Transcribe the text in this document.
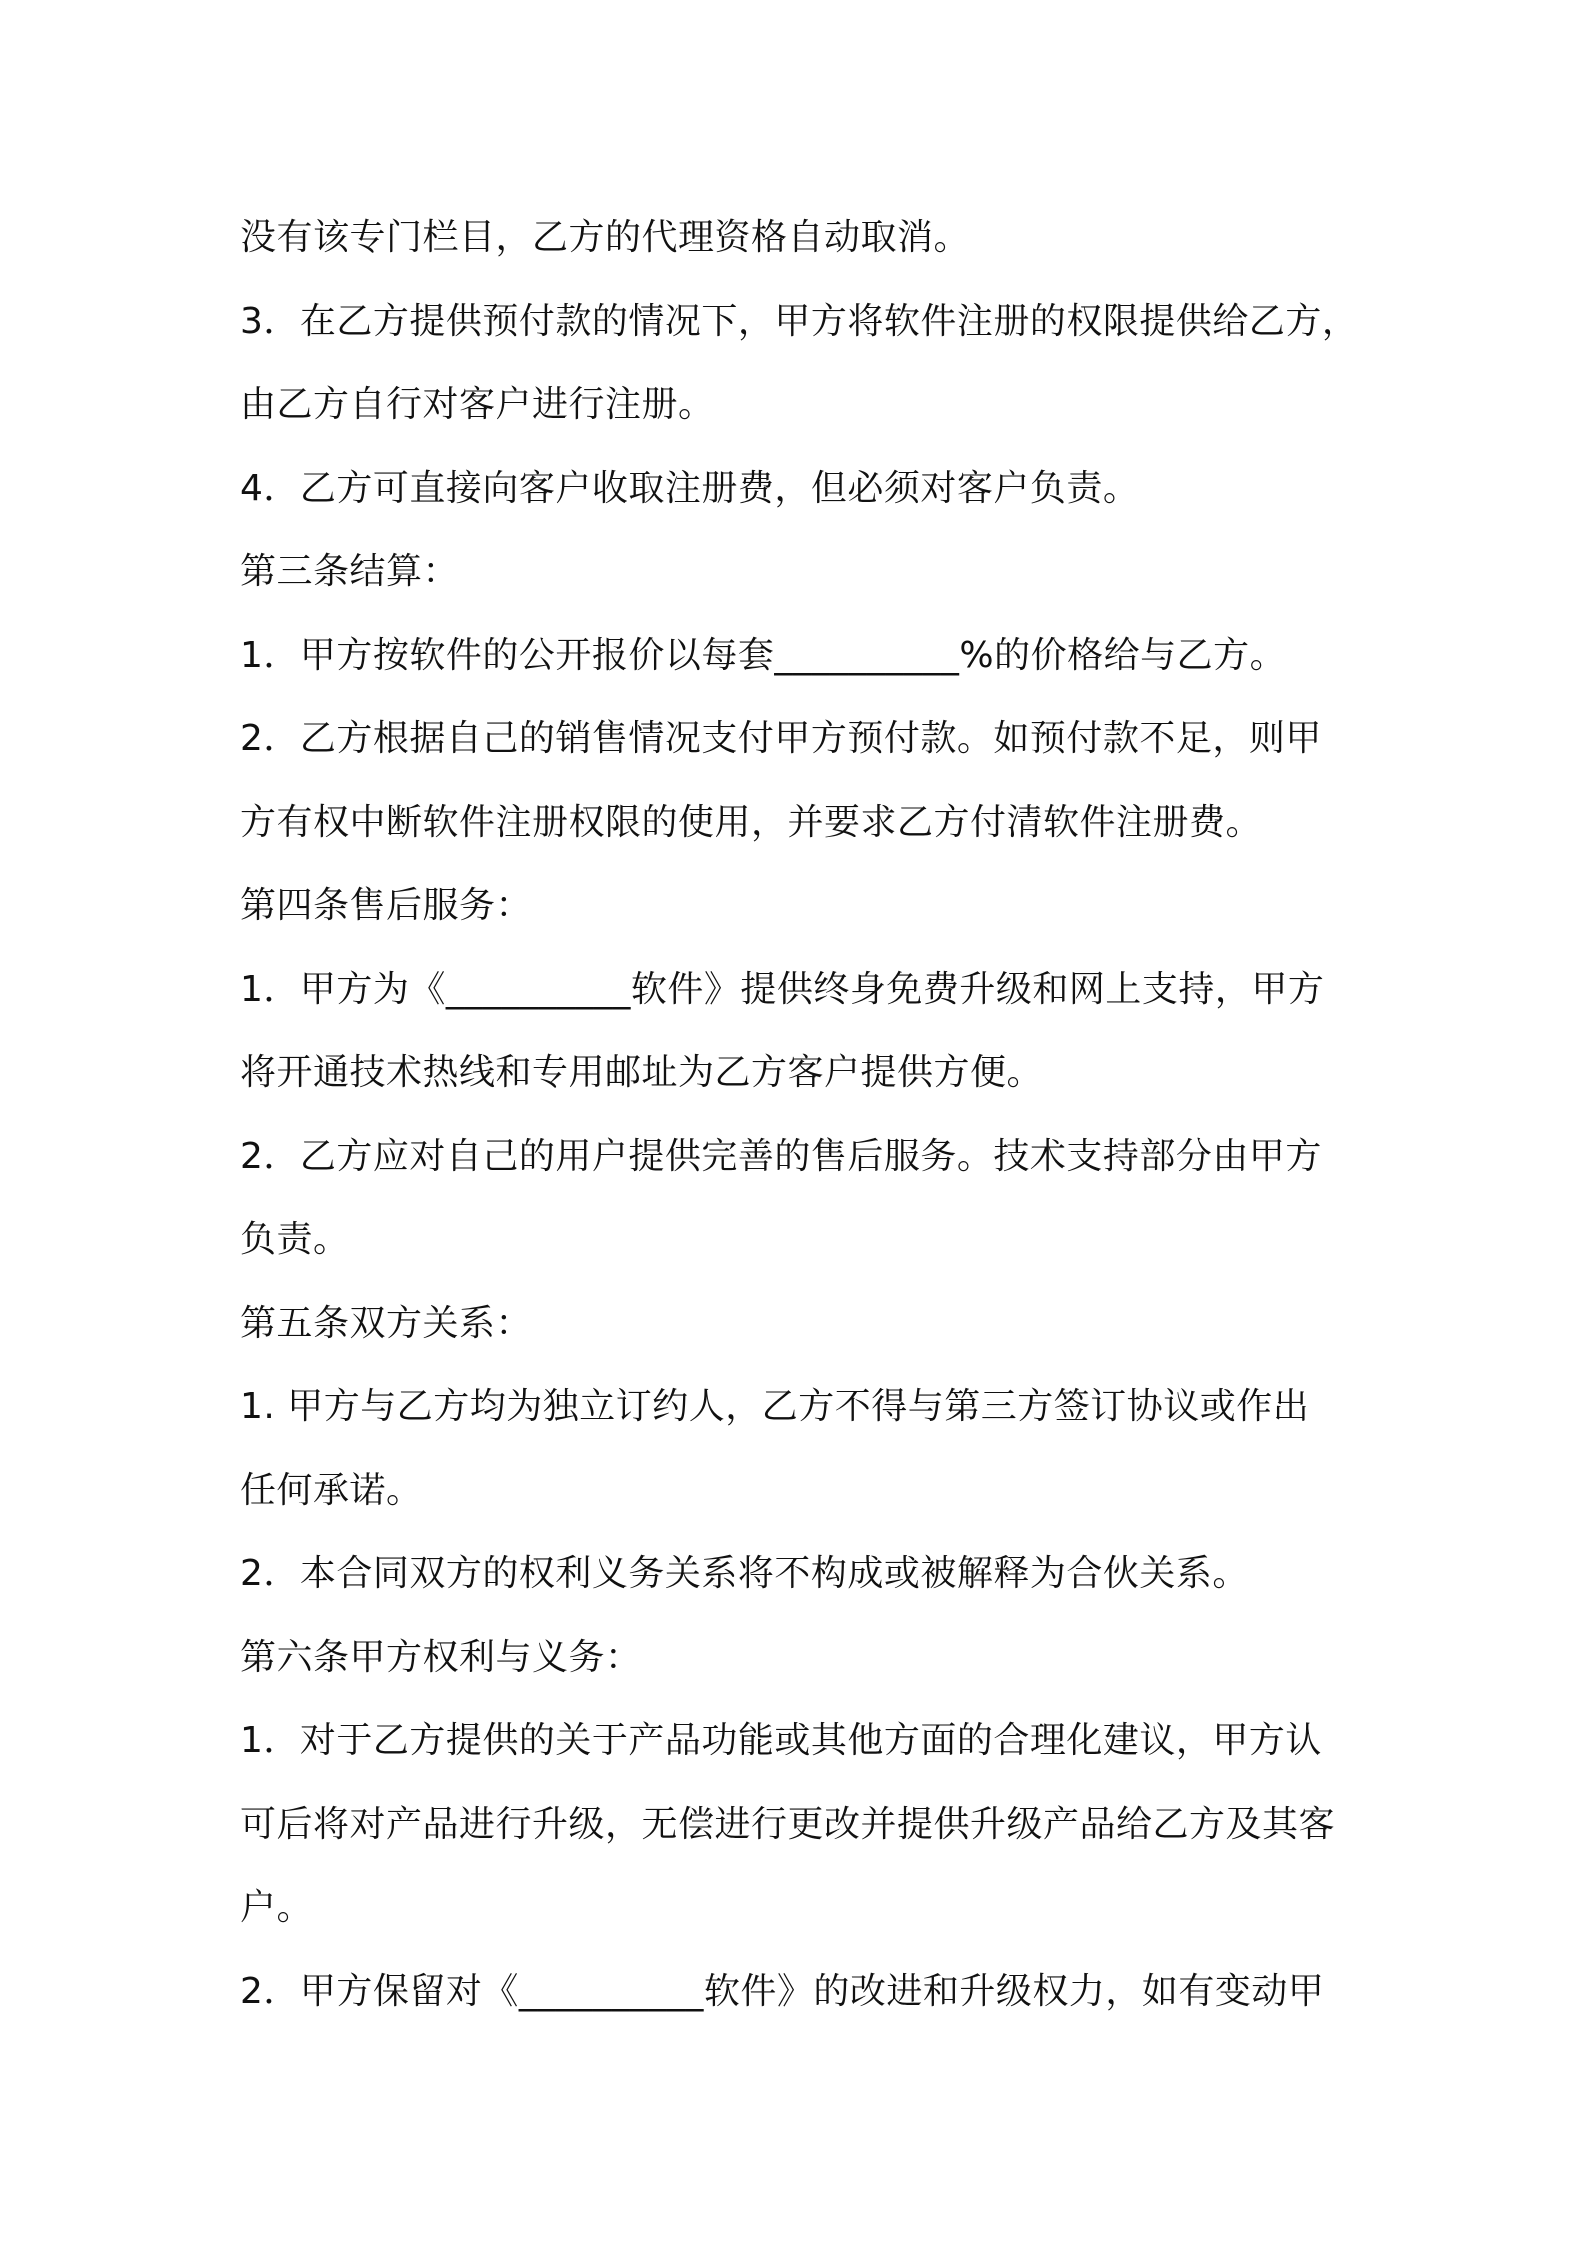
没有该专门栏目，乙方的代理资格自动取消。
3．在乙方提供预付款的情况下，甲方将软件注册的权限提供给乙方，
由乙方自行对客户进行注册。
4．乙方可直接向客户收取注册费，但必须对客户负责。
第三条结算：
1．甲方按软件的公开报价以每套__________%的价格给与乙方。
2．乙方根据自己的销售情况支付甲方预付款。如预付款不足，则甲
方有权中断软件注册权限的使用，并要求乙方付清软件注册费。
第四条售后服务：
1．甲方为《__________软件》提供终身免费升级和网上支持，甲方
将开通技术热线和专用邮址为乙方客户提供方便。
2．乙方应对自己的用户提供完善的售后服务。技术支持部分由甲方
负责。
第五条双方关系：
1. 甲方与乙方均为独立订约人，乙方不得与第三方签订协议或作出
任何承诺。
2．本合同双方的权利义务关系将不构成或被解释为合伙关系。
第六条甲方权利与义务：
1．对于乙方提供的关于产品功能或其他方面的合理化建议，甲方认
可后将对产品进行升级，无偿进行更改并提供升级产品给乙方及其客
户。
2．甲方保留对《__________软件》的改进和升级权力，如有变动甲
